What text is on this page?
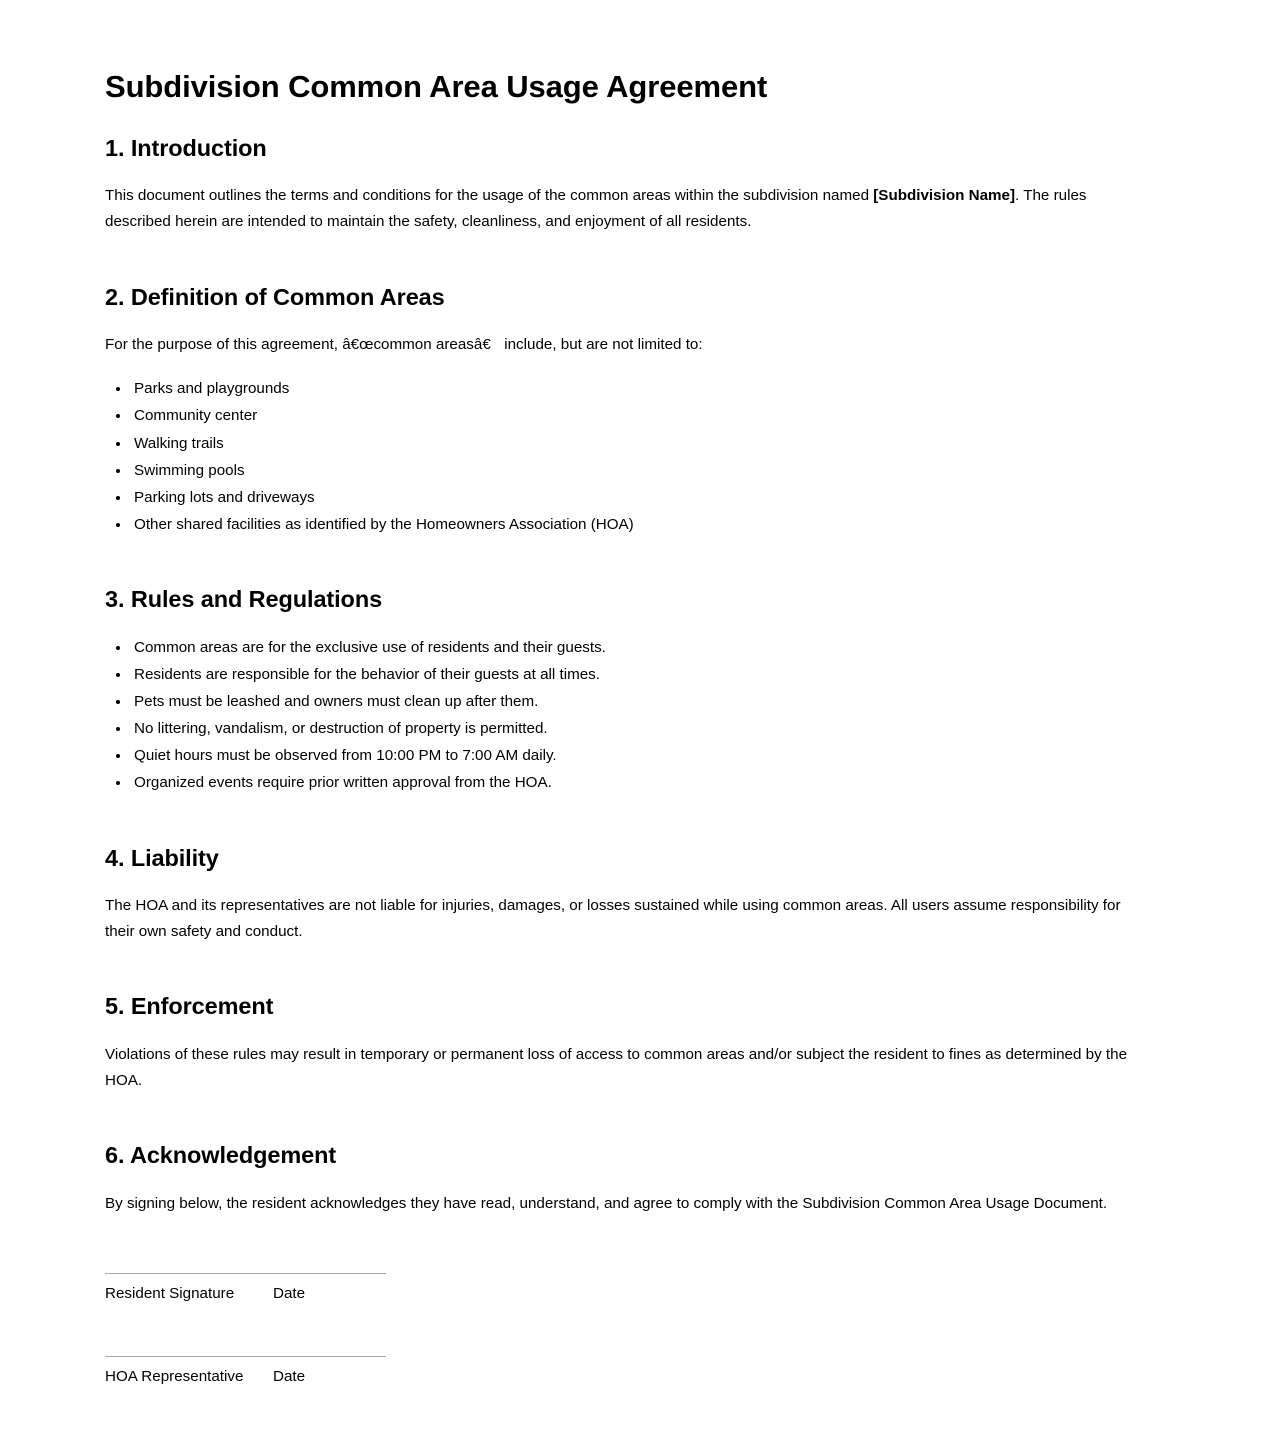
Subdivision Common Area Usage Agreement
1. Introduction

This document outlines the terms and conditions for the usage of the common areas within the subdivision named [Subdivision Name]. The rules described herein are intended to maintain the safety, cleanliness, and enjoyment of all residents.

2. Definition of Common Areas

For the purpose of this agreement, â€œcommon areasâ€ include, but are not limited to:

• Parks and playgrounds
• Community center
• Walking trails
• Swimming pools
• Parking lots and driveways
• Other shared facilities as identified by the Homeowners Association (HOA)
3. Rules and Regulations
• Common areas are for the exclusive use of residents and their guests.
• Residents are responsible for the behavior of their guests at all times.
• Pets must be leashed and owners must clean up after them.
• No littering, vandalism, or destruction of property is permitted.
• Quiet hours must be observed from 10:00 PM to 7:00 AM daily.
• Organized events require prior written approval from the HOA.
4. Liability

The HOA and its representatives are not liable for injuries, damages, or losses sustained while using common areas. All users assume responsibility for their own safety and conduct.

5. Enforcement

Violations of these rules may result in temporary or permanent loss of access to common areas and/or subject the resident to fines as determined by the HOA.

6. Acknowledgement

By signing below, the resident acknowledges they have read, understand, and agree to comply with the Subdivision Common Area Usage Document.

Resident Signature	Date
HOA Representative Date
